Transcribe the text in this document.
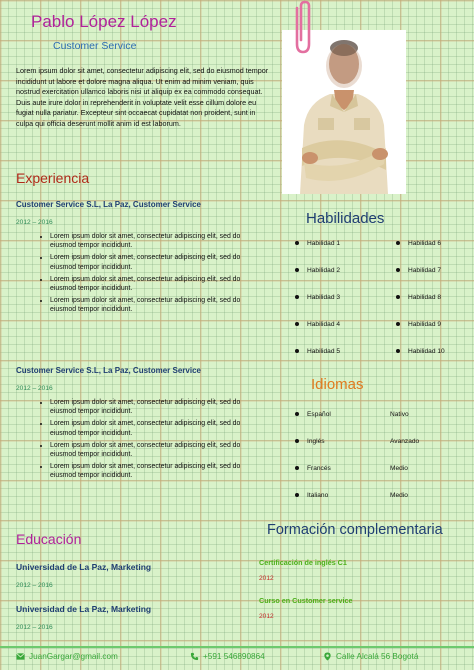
Pablo López López
Customer Service
Lorem ipsum dolor sit amet, consectetur adipiscing elit, sed do eiusmod tempor incididunt ut labore et dolore magna aliqua. Ut enim ad minim veniam, quis nostrud exercitation ullamco laboris nisi ut aliquip ex ea commodo consequat. Duis aute irure dolor in reprehenderit in voluptate velit esse cillum dolore eu fugiat nulla pariatur. Excepteur sint occaecat cupidatat non proident, sunt in culpa qui officia deserunt mollit anim id est laborum.
Experiencia
Customer Service S.L, La Paz, Customer Service
2012 – 2016
• Lorem ipsum dolor sit amet, consectetur adipiscing elit, sed do eiusmod tempor incididunt.
• Lorem ipsum dolor sit amet, consectetur adipiscing elit, sed do eiusmod tempor incididunt.
• Lorem ipsum dolor sit amet, consectetur adipiscing elit, sed do eiusmod tempor incididunt.
• Lorem ipsum dolor sit amet, consectetur adipiscing elit, sed do eiusmod tempor incididunt.
Customer Service S.L, La Paz, Customer Service
2012 – 2016
• Lorem ipsum dolor sit amet, consectetur adipiscing elit, sed do eiusmod tempor incididunt.
• Lorem ipsum dolor sit amet, consectetur adipiscing elit, sed do eiusmod tempor incididunt.
• Lorem ipsum dolor sit amet, consectetur adipiscing elit, sed do eiusmod tempor incididunt.
• Lorem ipsum dolor sit amet, consectetur adipiscing elit, sed do eiusmod tempor incididunt.
Habilidades
Habilidad 1
Habilidad 2
Habilidad 3
Habilidad 4
Habilidad 5
Habilidad 6
Habilidad 7
Habilidad 8
Habilidad 9
Habilidad 10
Idiomas
Español	Nativo
Inglés	Avanzado
Francés	Medio
Italiano	Medio
Educación
Universidad de La Paz, Marketing
2012 – 2016
Universidad de La Paz, Marketing
2012 – 2016
Formación complementaria
Certificación de inglés C1
2012
Curso en Customer service
2012
JuanGargar@gmail.com	+591 546890864	Calle Alcalá 56 Bogotá
